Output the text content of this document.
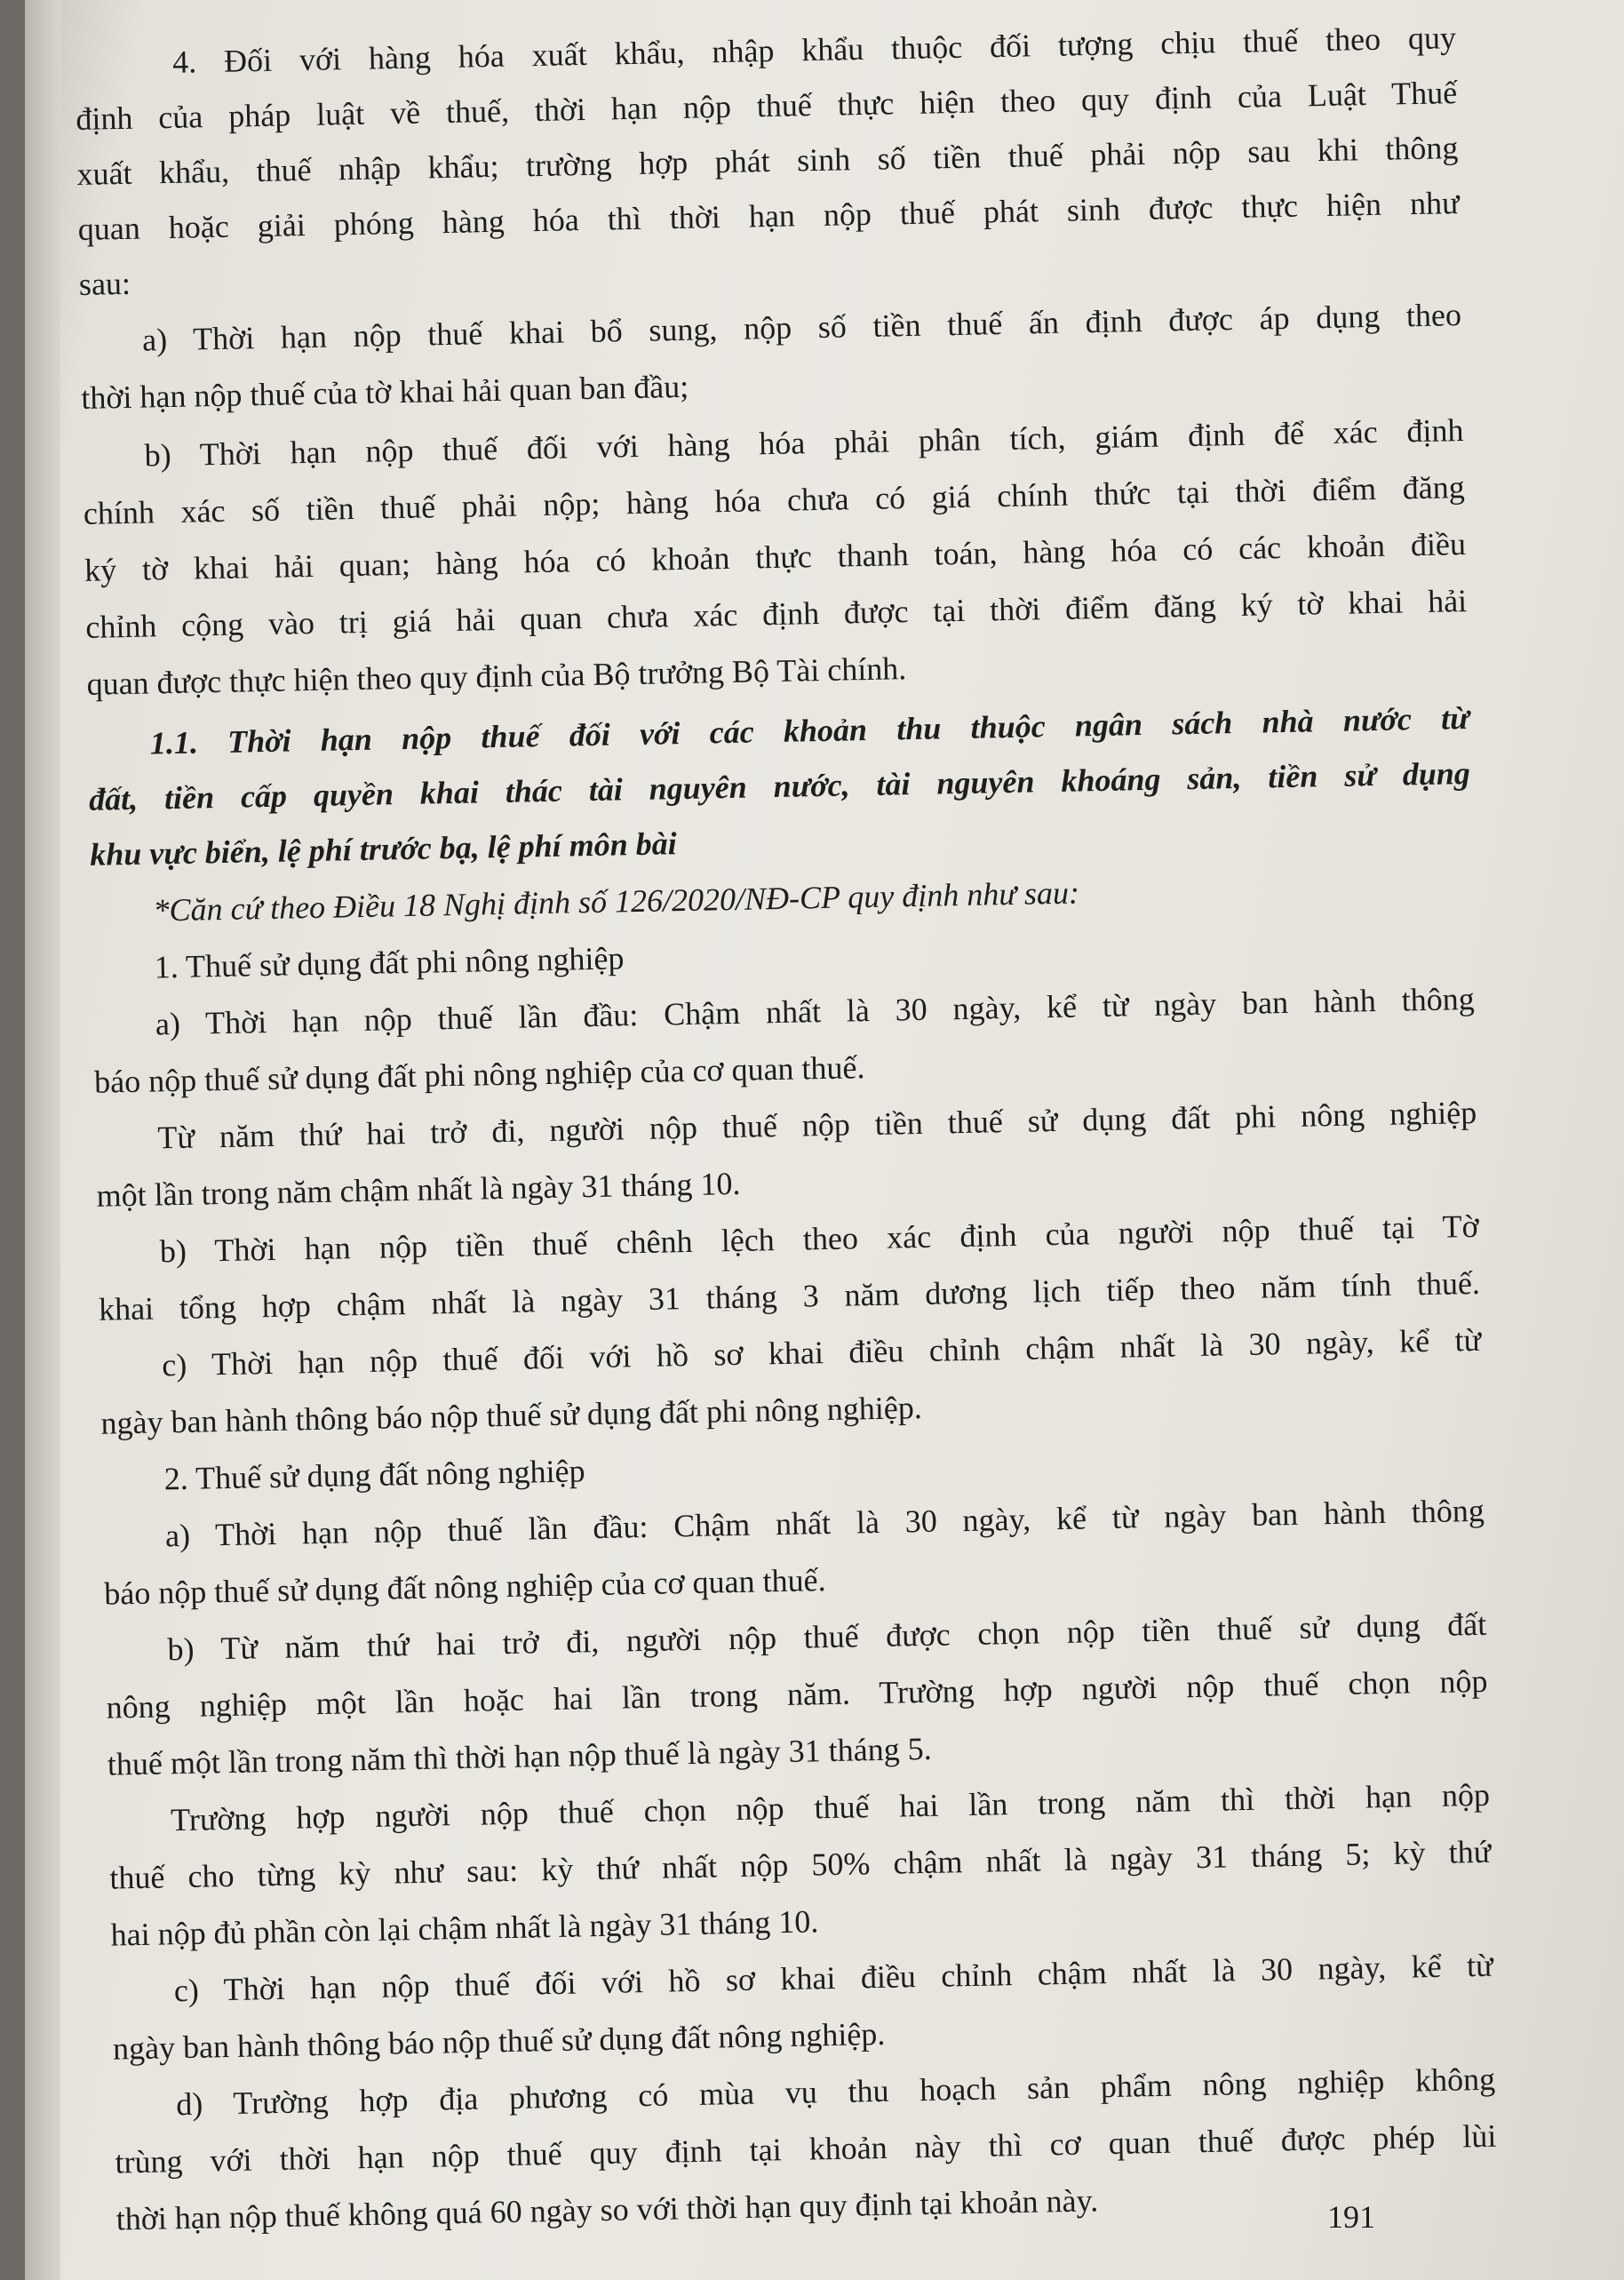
4. Đối với hàng hóa xuất khẩu, nhập khẩu thuộc đối tượng chịu thuế theo quy
định của pháp luật về thuế, thời hạn nộp thuế thực hiện theo quy định của Luật Thuế
xuất khẩu, thuế nhập khẩu; trường hợp phát sinh số tiền thuế phải nộp sau khi thông
quan hoặc giải phóng hàng hóa thì thời hạn nộp thuế phát sinh được thực hiện như
sau:
a) Thời hạn nộp thuế khai bổ sung, nộp số tiền thuế ấn định được áp dụng theo
thời hạn nộp thuế của tờ khai hải quan ban đầu;
b) Thời hạn nộp thuế đối với hàng hóa phải phân tích, giám định để xác định
chính xác số tiền thuế phải nộp; hàng hóa chưa có giá chính thức tại thời điểm đăng
ký tờ khai hải quan; hàng hóa có khoản thực thanh toán, hàng hóa có các khoản điều
chỉnh cộng vào trị giá hải quan chưa xác định được tại thời điểm đăng ký tờ khai hải
quan được thực hiện theo quy định của Bộ trưởng Bộ Tài chính.
1.1. Thời hạn nộp thuế đối với các khoản thu thuộc ngân sách nhà nước từ
đất, tiền cấp quyền khai thác tài nguyên nước, tài nguyên khoáng sản, tiền sử dụng
khu vực biển, lệ phí trước bạ, lệ phí môn bài
*Căn cứ theo Điều 18 Nghị định số 126/2020/NĐ-CP quy định như sau:
1. Thuế sử dụng đất phi nông nghiệp
a) Thời hạn nộp thuế lần đầu: Chậm nhất là 30 ngày, kể từ ngày ban hành thông
báo nộp thuế sử dụng đất phi nông nghiệp của cơ quan thuế.
Từ năm thứ hai trở đi, người nộp thuế nộp tiền thuế sử dụng đất phi nông nghiệp
một lần trong năm chậm nhất là ngày 31 tháng 10.
b) Thời hạn nộp tiền thuế chênh lệch theo xác định của người nộp thuế tại Tờ
khai tổng hợp chậm nhất là ngày 31 tháng 3 năm dương lịch tiếp theo năm tính thuế.
c) Thời hạn nộp thuế đối với hồ sơ khai điều chỉnh chậm nhất là 30 ngày, kể từ
ngày ban hành thông báo nộp thuế sử dụng đất phi nông nghiệp.
2. Thuế sử dụng đất nông nghiệp
a) Thời hạn nộp thuế lần đầu: Chậm nhất là 30 ngày, kể từ ngày ban hành thông
báo nộp thuế sử dụng đất nông nghiệp của cơ quan thuế.
b) Từ năm thứ hai trở đi, người nộp thuế được chọn nộp tiền thuế sử dụng đất
nông nghiệp một lần hoặc hai lần trong năm. Trường hợp người nộp thuế chọn nộp
thuế một lần trong năm thì thời hạn nộp thuế là ngày 31 tháng 5.
Trường hợp người nộp thuế chọn nộp thuế hai lần trong năm thì thời hạn nộp
thuế cho từng kỳ như sau: kỳ thứ nhất nộp 50% chậm nhất là ngày 31 tháng 5; kỳ thứ
hai nộp đủ phần còn lại chậm nhất là ngày 31 tháng 10.
c) Thời hạn nộp thuế đối với hồ sơ khai điều chỉnh chậm nhất là 30 ngày, kể từ
ngày ban hành thông báo nộp thuế sử dụng đất nông nghiệp.
d) Trường hợp địa phương có mùa vụ thu hoạch sản phẩm nông nghiệp không
trùng với thời hạn nộp thuế quy định tại khoản này thì cơ quan thuế được phép lùi
thời hạn nộp thuế không quá 60 ngày so với thời hạn quy định tại khoản này.	191
